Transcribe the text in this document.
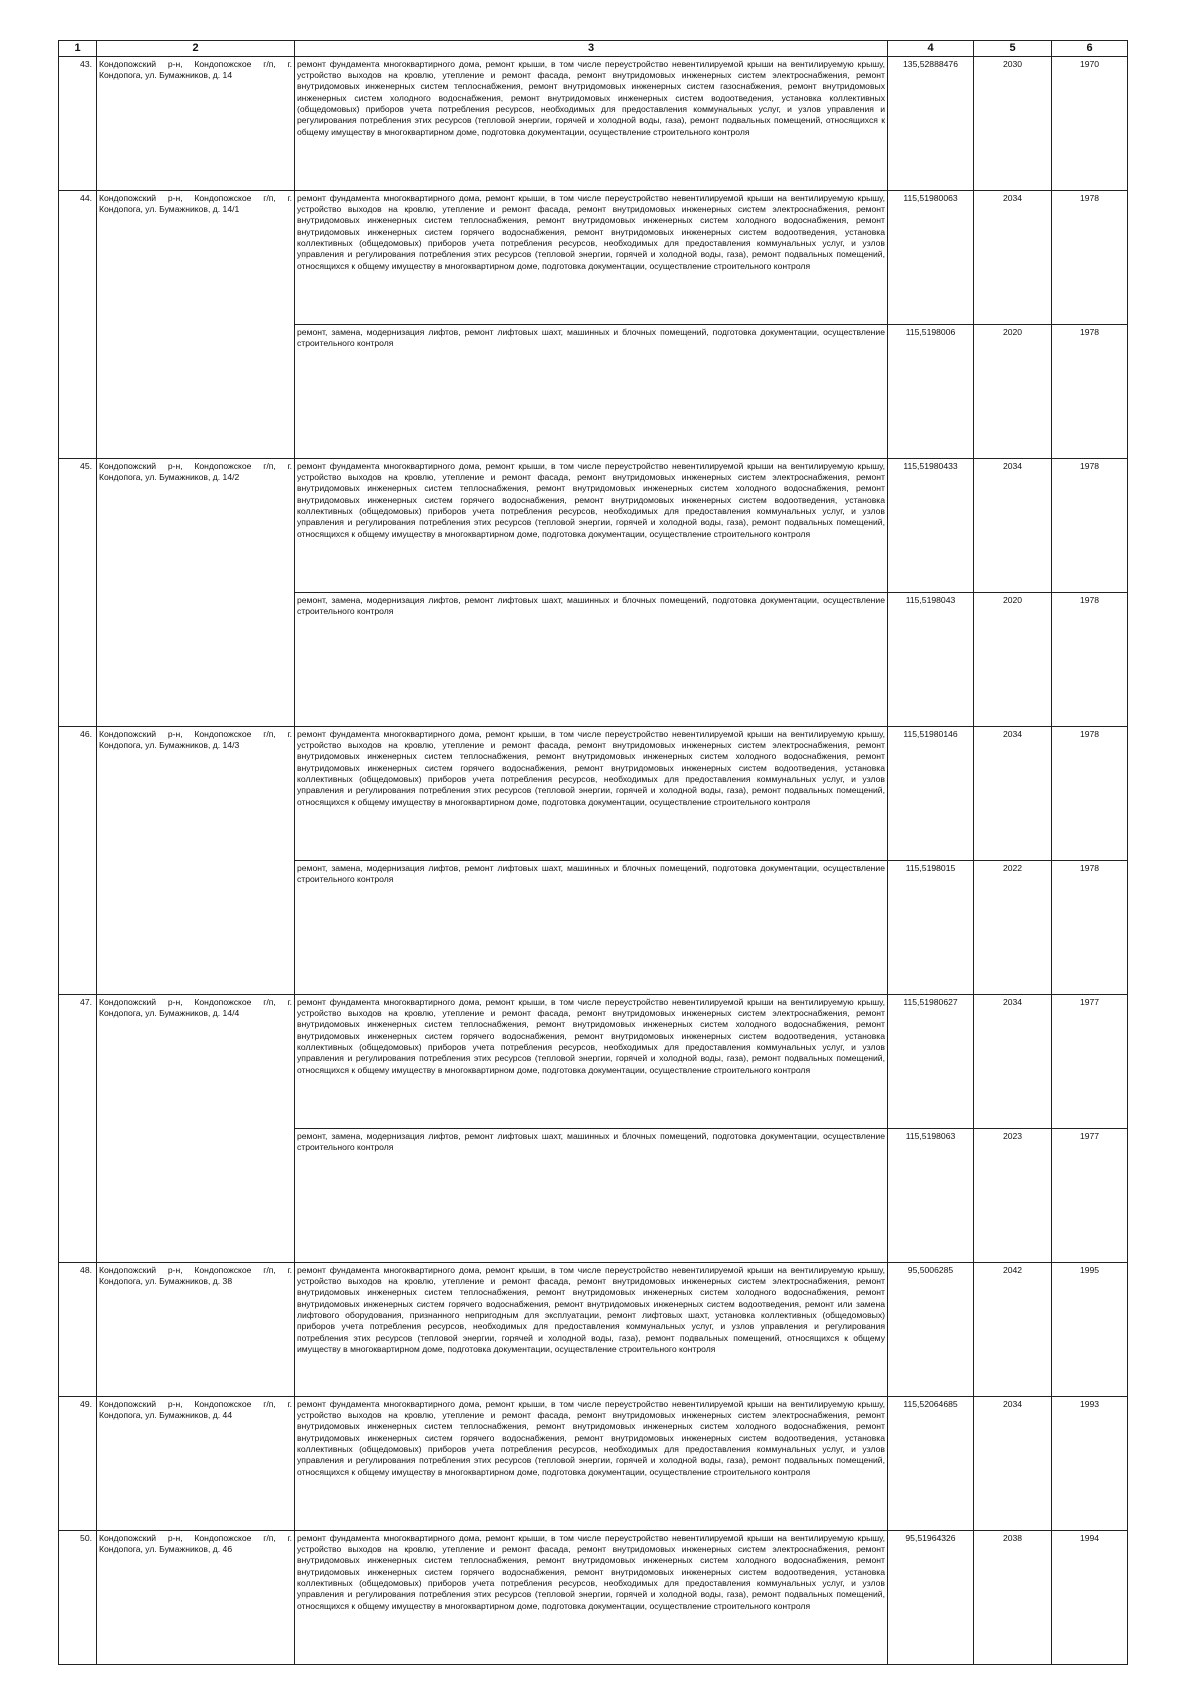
1	2	3	4	5	6
43.	Кондопожский р-н, Кондопожское г/п, г. Кондопога, ул. Бумажников, д. 14	ремонт фундамента многоквартирного дома, ремонт крыши, в том числе переустройство невентилируемой крыши на вентилируемую крышу, устройство выходов на кровлю, утепление и ремонт фасада, ремонт внутридомовых инженерных систем электроснабжения, ремонт внутридомовых инженерных систем теплоснабжения, ремонт внутридомовых инженерных систем газоснабжения, ремонт внутридомовых инженерных систем холодного водоснабжения, ремонт внутридомовых инженерных систем водоотведения, установка коллективных (общедомовых) приборов учета потребления ресурсов, необходимых для предоставления коммунальных услуг, и узлов управления и регулирования потребления этих ресурсов (тепловой энергии, горячей и холодной воды, газа), ремонт подвальных помещений, относящихся к общему имуществу в многоквартирном доме, подготовка документации, осуществление строительного контроля	135,52888476	2030	1970
44.	Кондопожский р-н, Кондопожское г/п, г. Кондопога, ул. Бумажников, д. 14/1	ремонт фундамента многоквартирного дома, ремонт крыши, в том числе переустройство невентилируемой крыши на вентилируемую крышу, устройство выходов на кровлю, утепление и ремонт фасада, ремонт внутридомовых инженерных систем электроснабжения, ремонт внутридомовых инженерных систем теплоснабжения, ремонт внутридомовых инженерных систем холодного водоснабжения, ремонт внутридомовых инженерных систем горячего водоснабжения, ремонт внутридомовых инженерных систем водоотведения, установка коллективных (общедомовых) приборов учета потребления ресурсов, необходимых для предоставления коммунальных услуг, и узлов управления и регулирования потребления этих ресурсов (тепловой энергии, горячей и холодной воды, газа), ремонт подвальных помещений, относящихся к общему имуществу в многоквартирном доме, подготовка документации, осуществление строительного контроля	115,51980063	2034	1978
		ремонт, замена, модернизация лифтов, ремонт лифтовых шахт, машинных и блочных помещений, подготовка документации, осуществление строительного контроля	115,5198006	2020	1978
45.	Кондопожский р-н, Кондопожское г/п, г. Кондопога, ул. Бумажников, д. 14/2	ремонт фундамента многоквартирного дома, ремонт крыши, в том числе переустройство невентилируемой крыши на вентилируемую крышу, устройство выходов на кровлю, утепление и ремонт фасада, ремонт внутридомовых инженерных систем электроснабжения, ремонт внутридомовых инженерных систем теплоснабжения, ремонт внутридомовых инженерных систем холодного водоснабжения, ремонт внутридомовых инженерных систем горячего водоснабжения, ремонт внутридомовых инженерных систем водоотведения, установка коллективных (общедомовых) приборов учета потребления ресурсов, необходимых для предоставления коммунальных услуг, и узлов управления и регулирования потребления этих ресурсов (тепловой энергии, горячей и холодной воды, газа), ремонт подвальных помещений, относящихся к общему имуществу в многоквартирном доме, подготовка документации, осуществление строительного контроля	115,51980433	2034	1978
		ремонт, замена, модернизация лифтов, ремонт лифтовых шахт, машинных и блочных помещений, подготовка документации, осуществление строительного контроля	115,5198043	2020	1978
46.	Кондопожский р-н, Кондопожское г/п, г. Кондопога, ул. Бумажников, д. 14/3	ремонт фундамента многоквартирного дома, ремонт крыши, в том числе переустройство невентилируемой крыши на вентилируемую крышу, устройство выходов на кровлю, утепление и ремонт фасада, ремонт внутридомовых инженерных систем электроснабжения, ремонт внутридомовых инженерных систем теплоснабжения, ремонт внутридомовых инженерных систем холодного водоснабжения, ремонт внутридомовых инженерных систем горячего водоснабжения, ремонт внутридомовых инженерных систем водоотведения, установка коллективных (общедомовых) приборов учета потребления ресурсов, необходимых для предоставления коммунальных услуг, и узлов управления и регулирования потребления этих ресурсов (тепловой энергии, горячей и холодной воды, газа), ремонт подвальных помещений, относящихся к общему имуществу в многоквартирном доме, подготовка документации, осуществление строительного контроля	115,51980146	2034	1978
		ремонт, замена, модернизация лифтов, ремонт лифтовых шахт, машинных и блочных помещений, подготовка документации, осуществление строительного контроля	115,5198015	2022	1978
47.	Кондопожский р-н, Кондопожское г/п, г. Кондопога, ул. Бумажников, д. 14/4	ремонт фундамента многоквартирного дома, ремонт крыши, в том числе переустройство невентилируемой крыши на вентилируемую крышу, устройство выходов на кровлю, утепление и ремонт фасада, ремонт внутридомовых инженерных систем электроснабжения, ремонт внутридомовых инженерных систем теплоснабжения, ремонт внутридомовых инженерных систем холодного водоснабжения, ремонт внутридомовых инженерных систем горячего водоснабжения, ремонт внутридомовых инженерных систем водоотведения, установка коллективных (общедомовых) приборов учета потребления ресурсов, необходимых для предоставления коммунальных услуг, и узлов управления и регулирования потребления этих ресурсов (тепловой энергии, горячей и холодной воды, газа), ремонт подвальных помещений, относящихся к общему имуществу в многоквартирном доме, подготовка документации, осуществление строительного контроля	115,51980627	2034	1977
		ремонт, замена, модернизация лифтов, ремонт лифтовых шахт, машинных и блочных помещений, подготовка документации, осуществление строительного контроля	115,5198063	2023	1977
48.	Кондопожский р-н, Кондопожское г/п, г. Кондопога, ул. Бумажников, д. 38	ремонт фундамента многоквартирного дома, ремонт крыши, в том числе переустройство невентилируемой крыши на вентилируемую крышу, устройство выходов на кровлю, утепление и ремонт фасада, ремонт внутридомовых инженерных систем электроснабжения, ремонт внутридомовых инженерных систем теплоснабжения, ремонт внутридомовых инженерных систем холодного водоснабжения, ремонт внутридомовых инженерных систем горячего водоснабжения, ремонт внутридомовых инженерных систем водоотведения, ремонт или замена лифтового оборудования, признанного непригодным для эксплуатации, ремонт лифтовых шахт, установка коллективных (общедомовых) приборов учета потребления ресурсов, необходимых для предоставления коммунальных услуг, и узлов управления и регулирования потребления этих ресурсов (тепловой энергии, горячей и холодной воды, газа), ремонт подвальных помещений, относящихся к общему имуществу в многоквартирном доме, подготовка документации, осуществление строительного контроля	95,5006285	2042	1995
49.	Кондопожский р-н, Кондопожское г/п, г. Кондопога, ул. Бумажников, д. 44	ремонт фундамента многоквартирного дома, ремонт крыши, в том числе переустройство невентилируемой крыши на вентилируемую крышу, устройство выходов на кровлю, утепление и ремонт фасада, ремонт внутридомовых инженерных систем электроснабжения, ремонт внутридомовых инженерных систем теплоснабжения, ремонт внутридомовых инженерных систем холодного водоснабжения, ремонт внутридомовых инженерных систем горячего водоснабжения, ремонт внутридомовых инженерных систем водоотведения, установка коллективных (общедомовых) приборов учета потребления ресурсов, необходимых для предоставления коммунальных услуг, и узлов управления и регулирования потребления этих ресурсов (тепловой энергии, горячей и холодной воды, газа), ремонт подвальных помещений, относящихся к общему имуществу в многоквартирном доме, подготовка документации, осуществление строительного контроля	115,52064685	2034	1993
50.	Кондопожский р-н, Кондопожское г/п, г. Кондопога, ул. Бумажников, д. 46	ремонт фундамента многоквартирного дома, ремонт крыши, в том числе переустройство невентилируемой крыши на вентилируемую крышу, устройство выходов на кровлю, утепление и ремонт фасада, ремонт внутридомовых инженерных систем электроснабжения, ремонт внутридомовых инженерных систем теплоснабжения, ремонт внутридомовых инженерных систем холодного водоснабжения, ремонт внутридомовых инженерных систем горячего водоснабжения, ремонт внутридомовых инженерных систем водоотведения, установка коллективных (общедомовых) приборов учета потребления ресурсов, необходимых для предоставления коммунальных услуг, и узлов управления и регулирования потребления этих ресурсов (тепловой энергии, горячей и холодной воды, газа), ремонт подвальных помещений, относящихся к общему имуществу в многоквартирном доме, подготовка документации, осуществление строительного контроля	95,51964326	2038	1994
